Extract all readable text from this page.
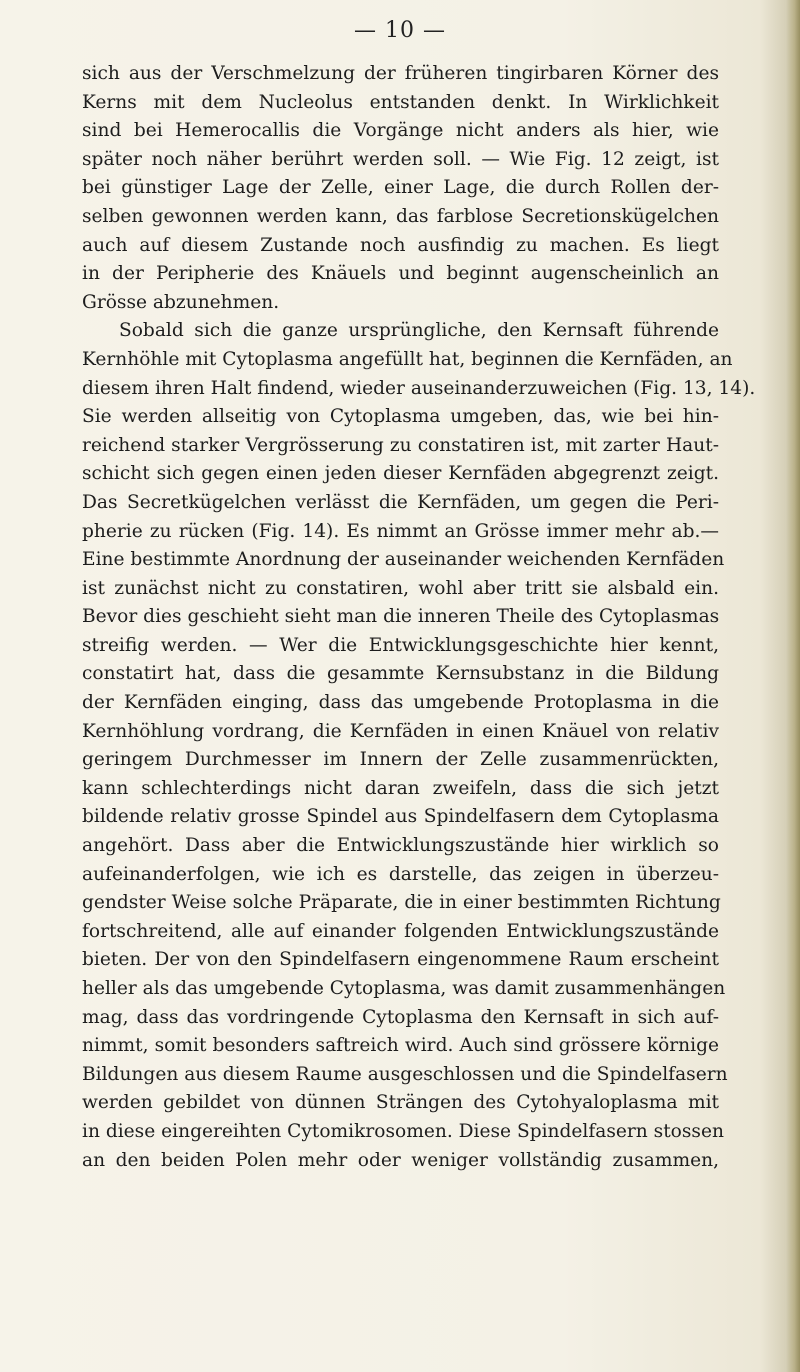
— 10 —
sich aus der Verschmelzung der früheren tingirbaren Körner des
Kerns mit dem Nucleolus entstanden denkt. In Wirklichkeit
sind bei Hemerocallis die Vorgänge nicht anders als hier, wie
später noch näher berührt werden soll. — Wie Fig. 12 zeigt, ist
bei günstiger Lage der Zelle, einer Lage, die durch Rollen der-
selben gewonnen werden kann, das farblose Secretionskügelchen
auch auf diesem Zustande noch ausfindig zu machen. Es liegt
in der Peripherie des Knäuels und beginnt augenscheinlich an
Grösse abzunehmen.
Sobald sich die ganze ursprüngliche, den Kernsaft führende
Kernhöhle mit Cytoplasma angefüllt hat, beginnen die Kernfäden, an
diesem ihren Halt findend, wieder auseinanderzuweichen (Fig. 13, 14).
Sie werden allseitig von Cytoplasma umgeben, das, wie bei hin-
reichend starker Vergrösserung zu constatiren ist, mit zarter Haut-
schicht sich gegen einen jeden dieser Kernfäden abgegrenzt zeigt.
Das Secretkügelchen verlässt die Kernfäden, um gegen die Peri-
pherie zu rücken (Fig. 14). Es nimmt an Grösse immer mehr ab.—
Eine bestimmte Anordnung der auseinander weichenden Kernfäden
ist zunächst nicht zu constatiren, wohl aber tritt sie alsbald ein.
Bevor dies geschieht sieht man die inneren Theile des Cytoplasmas
streifig werden. — Wer die Entwicklungsgeschichte hier kennt,
constatirt hat, dass die gesammte Kernsubstanz in die Bildung
der Kernfäden einging, dass das umgebende Protoplasma in die
Kernhöhlung vordrang, die Kernfäden in einen Knäuel von relativ
geringem Durchmesser im Innern der Zelle zusammenrückten,
kann schlechterdings nicht daran zweifeln, dass die sich jetzt
bildende relativ grosse Spindel aus Spindelfasern dem Cytoplasma
angehört. Dass aber die Entwicklungszustände hier wirklich so
aufeinanderfolgen, wie ich es darstelle, das zeigen in überzeu-
gendster Weise solche Präparate, die in einer bestimmten Richtung
fortschreitend, alle auf einander folgenden Entwicklungszustände
bieten. Der von den Spindelfasern eingenommene Raum erscheint
heller als das umgebende Cytoplasma, was damit zusammenhängen
mag, dass das vordringende Cytoplasma den Kernsaft in sich auf-
nimmt, somit besonders saftreich wird. Auch sind grössere körnige
Bildungen aus diesem Raume ausgeschlossen und die Spindelfasern
werden gebildet von dünnen Strängen des Cytohyaloplasma mit
in diese eingereihten Cytomikrosomen. Diese Spindelfasern stossen
an den beiden Polen mehr oder weniger vollständig zusammen,
